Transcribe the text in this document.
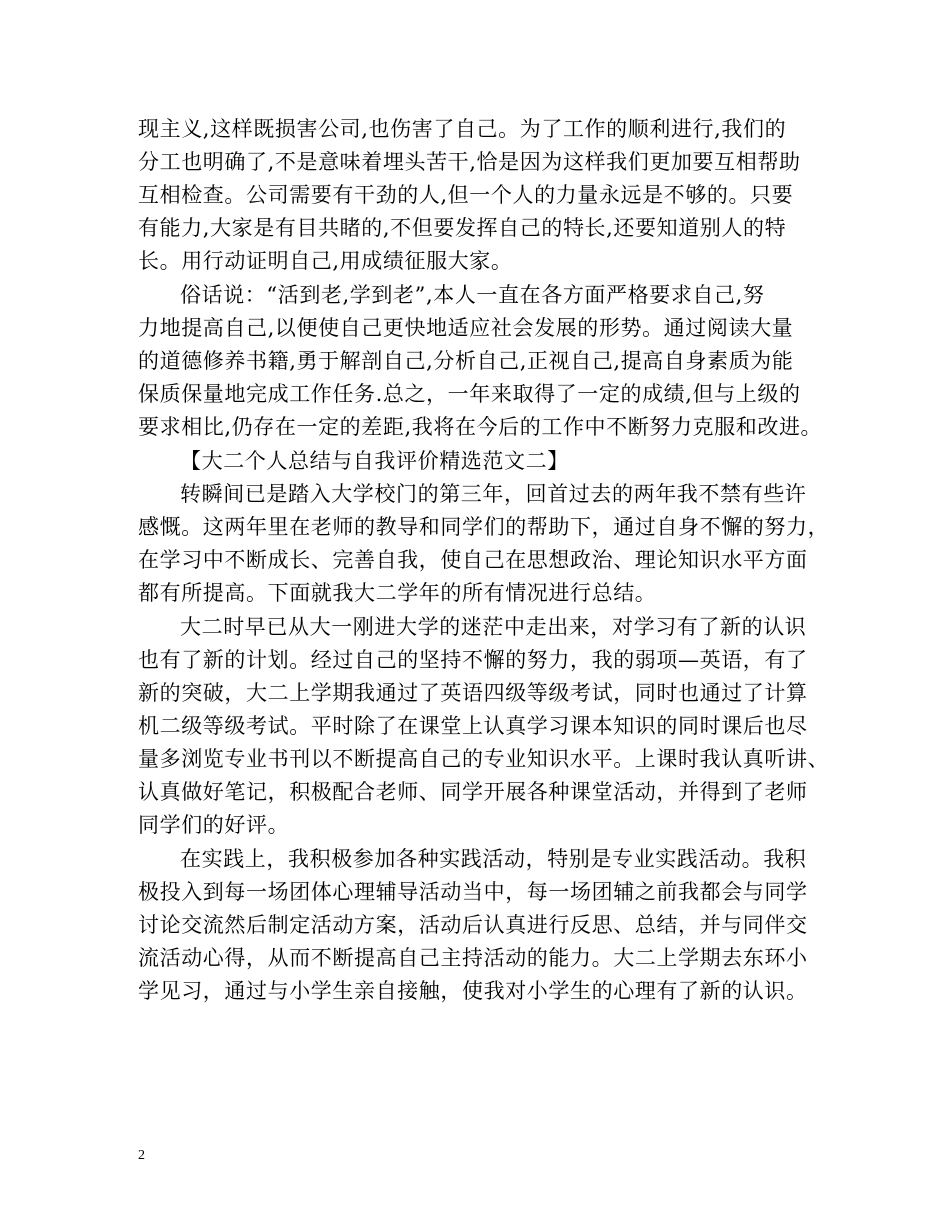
现主义,这样既损害公司,也伤害了自己。为了工作的顺利进行,我们的
分工也明确了,不是意味着埋头苦干,恰是因为这样我们更加要互相帮助
互相检查。公司需要有干劲的人,但一个人的力量永远是不够的。只要
有能力,大家是有目共睹的,不但要发挥自己的特长,还要知道别人的特
长。用行动证明自己,用成绩征服大家。
俗话说：“活到老,学到老”,本人一直在各方面严格要求自己,努
力地提高自己,以便使自己更快地适应社会发展的形势。通过阅读大量
的道德修养书籍,勇于解剖自己,分析自己,正视自己,提高自身素质为能
保质保量地完成工作任务.总之，一年来取得了一定的成绩,但与上级的
要求相比,仍存在一定的差距,我将在今后的工作中不断努力克服和改进。
【大二个人总结与自我评价精选范文二】
转瞬间已是踏入大学校门的第三年，回首过去的两年我不禁有些许
感慨。这两年里在老师的教导和同学们的帮助下，通过自身不懈的努力，
在学习中不断成长、完善自我，使自己在思想政治、理论知识水平方面
都有所提高。下面就我大二学年的所有情况进行总结。
大二时早已从大一刚进大学的迷茫中走出来，对学习有了新的认识
也有了新的计划。经过自己的坚持不懈的努力，我的弱项—英语，有了
新的突破，大二上学期我通过了英语四级等级考试，同时也通过了计算
机二级等级考试。平时除了在课堂上认真学习课本知识的同时课后也尽
量多浏览专业书刊以不断提高自己的专业知识水平。上课时我认真听讲、
认真做好笔记，积极配合老师、同学开展各种课堂活动，并得到了老师
同学们的好评。
在实践上，我积极参加各种实践活动，特别是专业实践活动。我积
极投入到每一场团体心理辅导活动当中，每一场团辅之前我都会与同学
讨论交流然后制定活动方案，活动后认真进行反思、总结，并与同伴交
流活动心得，从而不断提高自己主持活动的能力。大二上学期去东环小
学见习，通过与小学生亲自接触，使我对小学生的心理有了新的认识。
2
